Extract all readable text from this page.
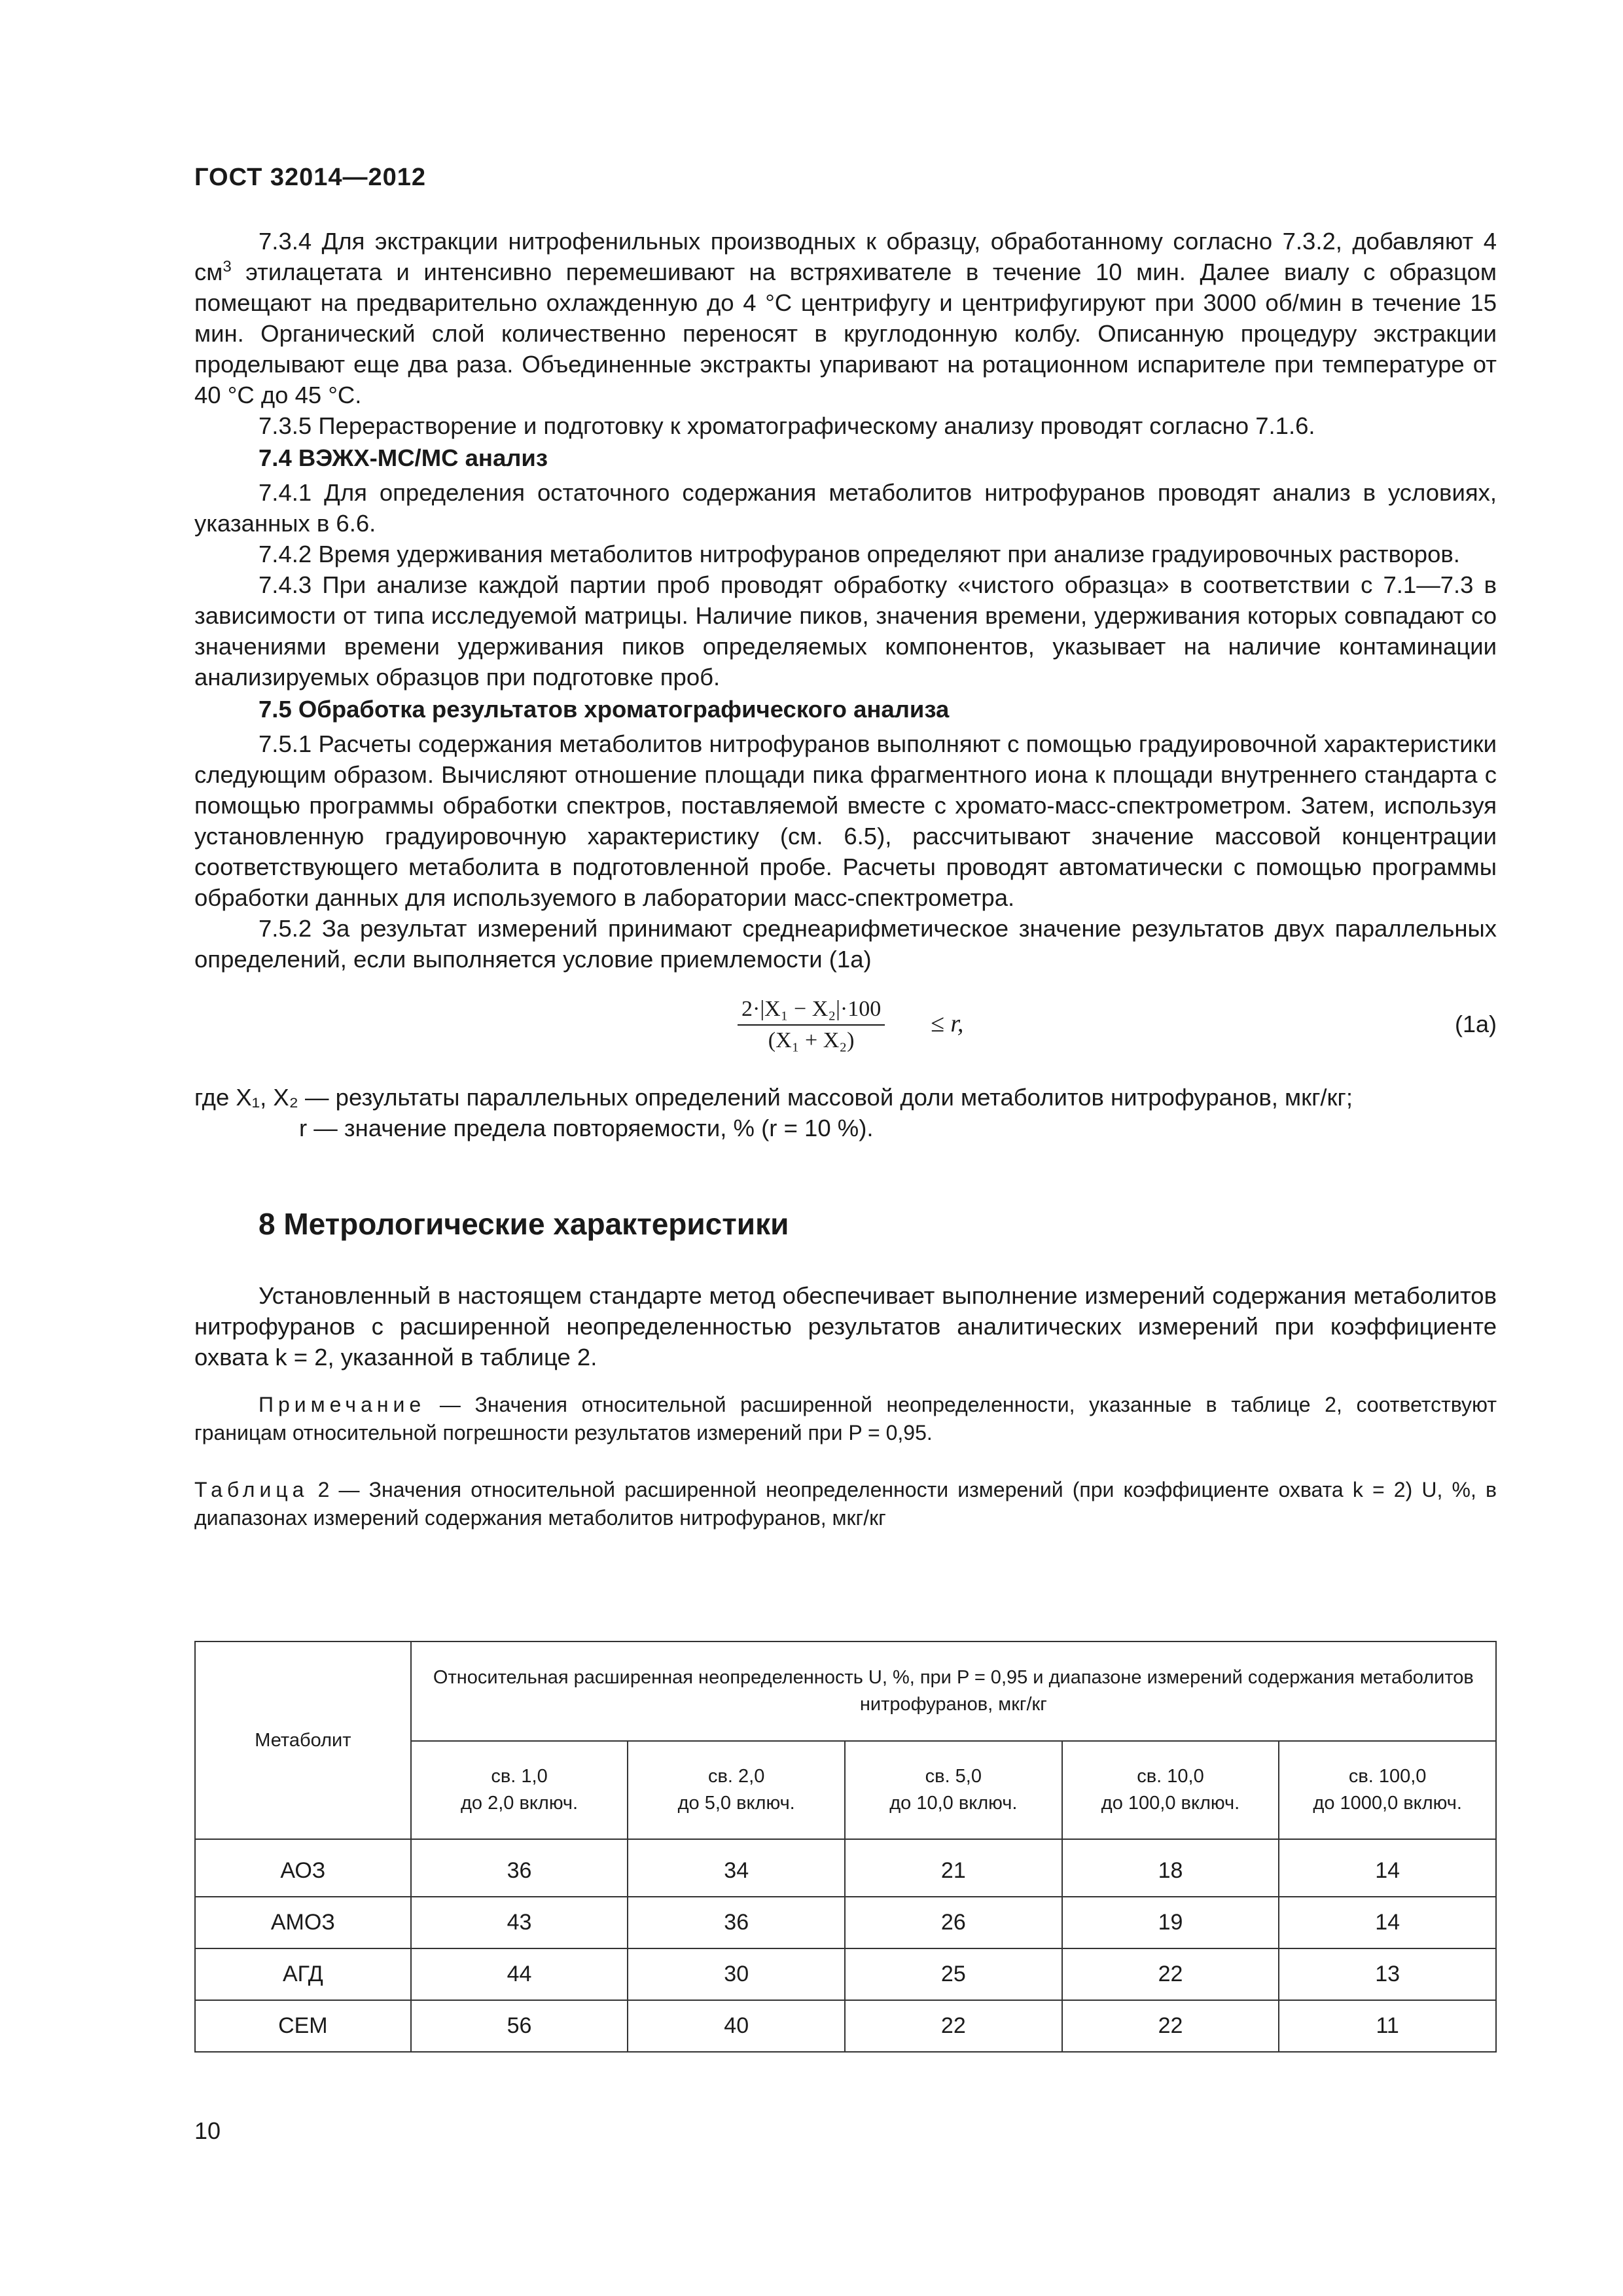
ГОСТ 32014—2012

7.3.4 Для экстракции нитрофенильных производных к образцу, обработанному согласно 7.3.2, добавляют 4 $см^3$ этилацетата и интенсивно перемешивают на встряхивателе в течение 10 мин. Далее виалу с образцом помещают на предварительно охлажденную до 4 °С центрифугу и центрифугируют при 3000 об/мин в течение 15 мин. Органический слой количественно переносят в круглодонную колбу. Описанную процедуру экстракции проделывают еще два раза. Объединенные экстракты упаривают на ротационном испарителе при температуре от 40 °С до 45 °С.

7.3.5 Перерастворение и подготовку к хроматографическому анализу проводят согласно 7.1.6.

7.4 ВЭЖХ-МС/МС анализ

7.4.1 Для определения остаточного содержания метаболитов нитрофуранов проводят анализ в условиях, указанных в 6.6.

7.4.2 Время удерживания метаболитов нитрофуранов определяют при анализе градуировочных растворов.

7.4.3 При анализе каждой партии проб проводят обработку «чистого образца» в соответствии с 7.1—7.3 в зависимости от типа исследуемой матрицы. Наличие пиков, значения времени, удерживания которых совпадают со значениями времени удерживания пиков определяемых компонентов, указывает на наличие контаминации анализируемых образцов при подготовке проб.

7.5 Обработка результатов хроматографического анализа

7.5.1 Расчеты содержания метаболитов нитрофуранов выполняют с помощью градуировочной характеристики следующим образом. Вычисляют отношение площади пика фрагментного иона к площади внутреннего стандарта с помощью программы обработки спектров, поставляемой вместе с хромато-масс-спектрометром. Затем, используя установленную градуировочную характеристику (см. 6.5), рассчитывают значение массовой концентрации соответствующего метаболита в подготовленной пробе. Расчеты проводят автоматически с помощью программы обработки данных для используемого в лаборатории масс-спектрометра.

7.5.2 За результат измерений принимают среднеарифметическое значение результатов двух параллельных определений, если выполняется условие приемлемости (1а)

$\frac{\text{2·|X₁ − X₂|·100}}{\text{(X₁ + X₂)}} \le r$,	(1а)

где X₁, X₂ — результаты параллельных определений массовой доли метаболитов нитрофуранов, мкг/кг;

r — значение предела повторяемости, % (r = 10 %).

8 Метрологические характеристики

Установленный в настоящем стандарте метод обеспечивает выполнение измерений содержания метаболитов нитрофуранов с расширенной неопределенностью результатов аналитических измерений при коэффициенте охвата k = 2, указанной в таблице 2.

Примечание — Значения относительной расширенной неопределенности, указанные в таблице 2, соответствуют границам относительной погрешности результатов измерений при P = 0,95.

Таблица 2 — Значения относительной расширенной неопределенности измерений (при коэффициенте охвата k = 2) U, %, в диапазонах измерений содержания метаболитов нитрофуранов, мкг/кг

Метаболит	Относительная расширенная неопределенность U, %, при P = 0,95 и диапазоне измерений содержания метаболитов нитрофуранов, мкг/кг				
	св. 1,0
до 2,0 включ.	св. 2,0
до 5,0 включ.	св. 5,0
до 10,0 включ.	св. 10,0
до 100,0 включ.	св. 100,0
до 1000,0 включ.
АОЗ	36	34	21	18	14
АМОЗ	43	36	26	19	14
АГД	44	30	25	22	13
СЕМ	56	40	22	22	11
10
